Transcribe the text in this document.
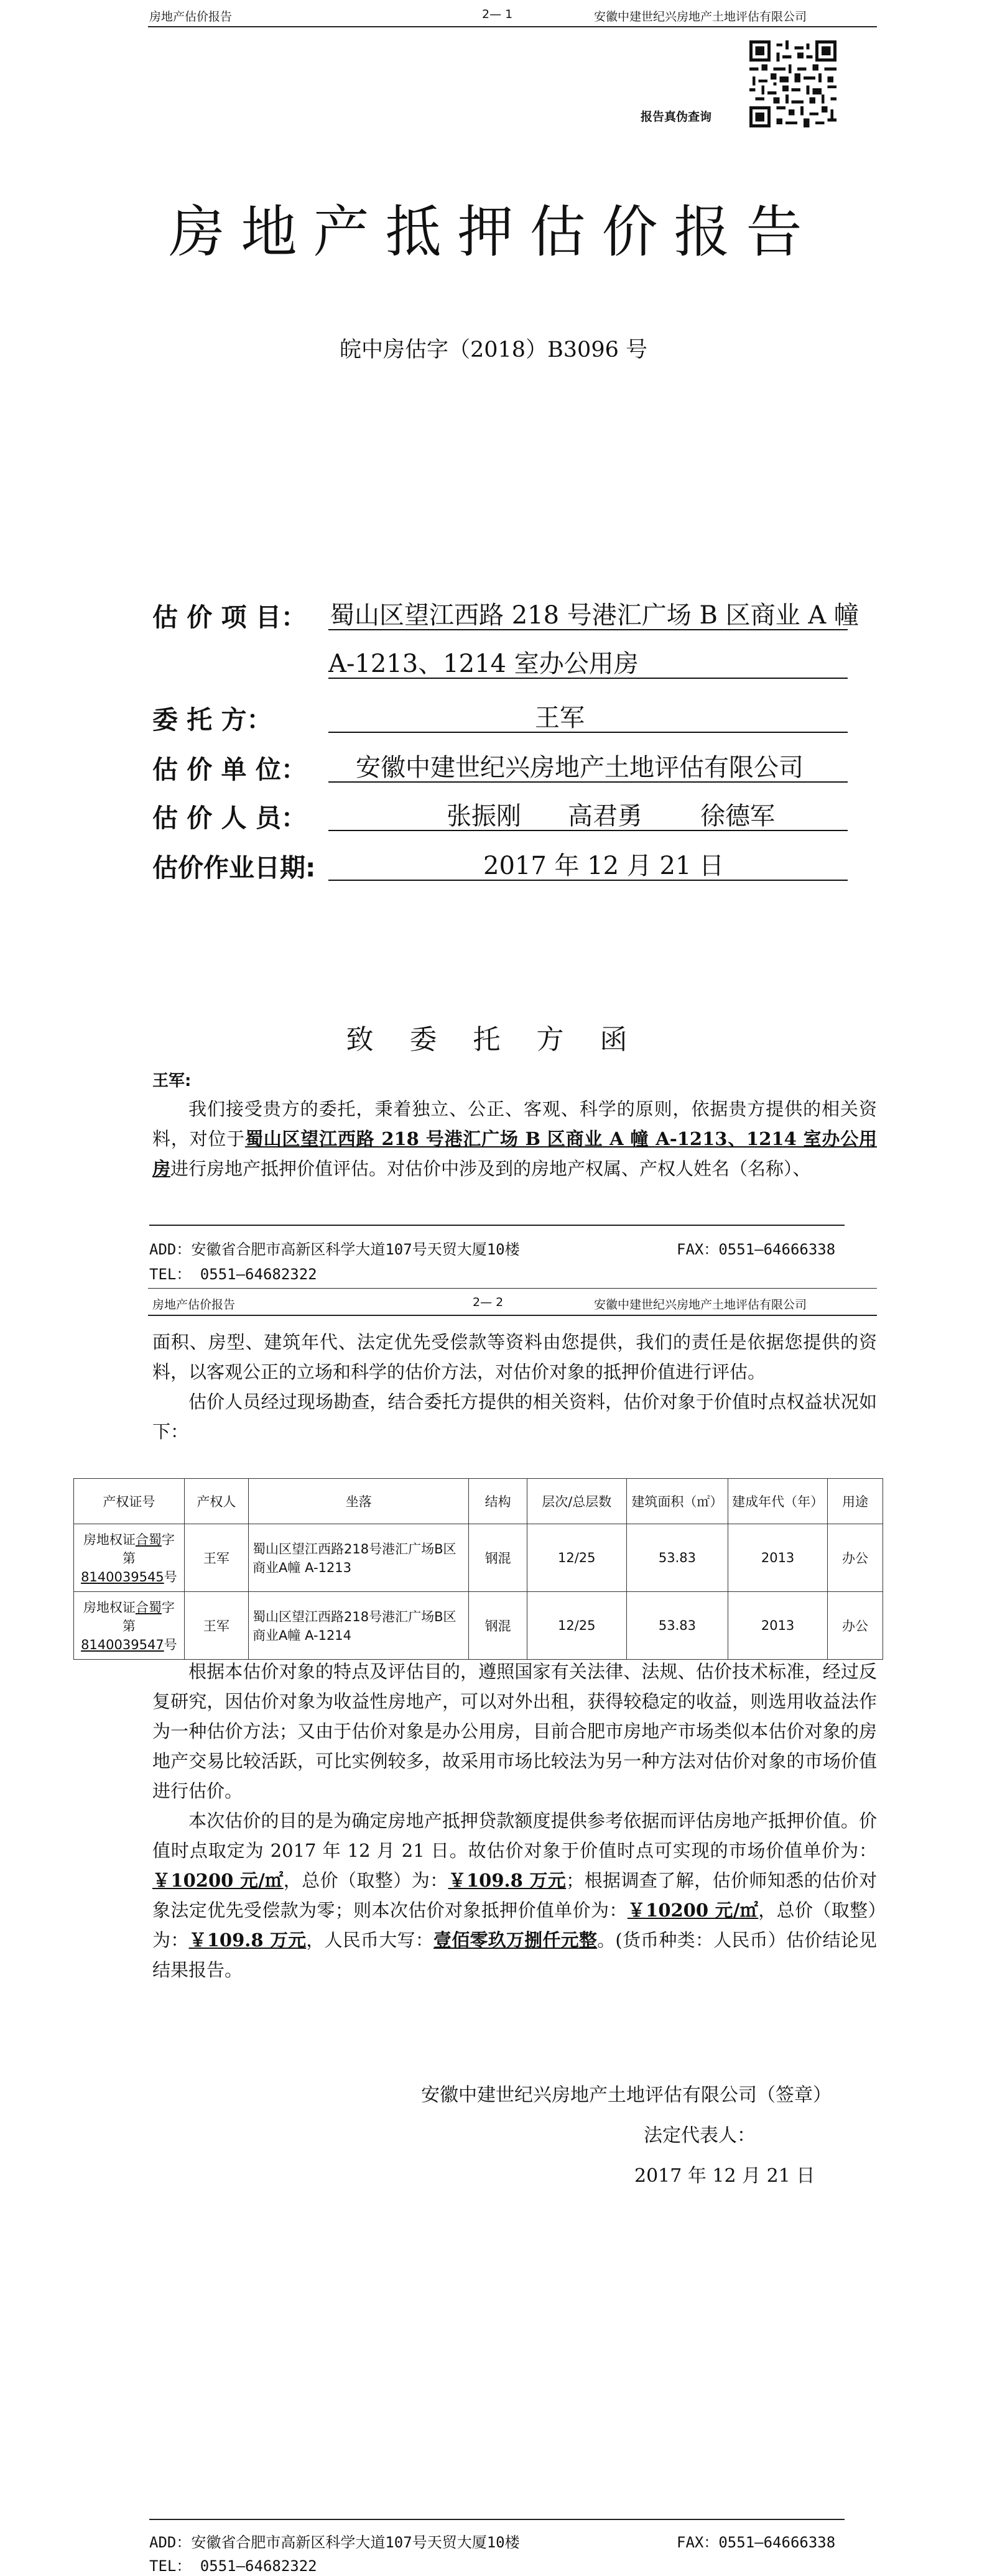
房地产估价报告	2— 1	安徽中建世纪兴房地产土地评估有限公司
报告真伪查询
房地产抵押估价报告
皖中房估字（2018）B3096 号
估 价 项 目： 蜀山区望江西路 218 号港汇广场 B 区商业 A 幢
A-1213、1214 室办公用房
委 托 方：	王军
估 价 单 位： 安徽中建世纪兴房地产土地评估有限公司
估 价 人 员：	张振刚 高君勇 徐德军
估价作业日期:	2017 年 12 月 21 日
致 委 托 方 函
王军:

我们接受贵方的委托，秉着独立、公正、客观、科学的原则，依据贵方提供的相关资料，对位于蜀山区望江西路 218 号港汇广场 B 区商业 A 幢 A-1213、1214 室办公用房进行房地产抵押价值评估。对估价中涉及到的房地产权属、产权人姓名（名称）、

ADD：安徽省合肥市高新区科学大道107号天贸大厦10楼	FAX：0551—64666338
TEL： 0551—64682322
房地产估价报告	2— 2	安徽中建世纪兴房地产土地评估有限公司

面积、房型、建筑年代、法定优先受偿款等资料由您提供，我们的责任是依据您提供的资料，以客观公正的立场和科学的估价方法，对估价对象的抵押价值进行评估。

估价人员经过现场勘查，结合委托方提供的相关资料，估价对象于价值时点权益状况如下：

产权证号	产权人	坐落	结构	层次/总层数	建筑面积（㎡）	建成年代（年）	用途
房地权证合蜀字第
8140039545号	王军	蜀山区望江西路218号港汇广场B区商业A幢 A-1213	钢混	12/25	53.83	2013	办公
房地权证合蜀字第
8140039547号	王军	蜀山区望江西路218号港汇广场B区商业A幢 A-1214	钢混	12/25	53.83	2013	办公

根据本估价对象的特点及评估目的，遵照国家有关法律、法规、估价技术标准，经过反复研究，因估价对象为收益性房地产，可以对外出租，获得较稳定的收益，则选用收益法作为一种估价方法；又由于估价对象是办公用房，目前合肥市房地产市场类似本估价对象的房地产交易比较活跃，可比实例较多，故采用市场比较法为另一种方法对估价对象的市场价值进行估价。

本次估价的目的是为确定房地产抵押贷款额度提供参考依据而评估房地产抵押价值。价值时点取定为 2017 年 12 月 21 日。故估价对象于价值时点可实现的市场价值单价为：￥10200 元/㎡，总价（取整）为：￥109.8 万元；根据调查了解，估价师知悉的估价对象法定优先受偿款为零；则本次估价对象抵押价值单价为：￥10200 元/㎡，总价（取整）为：￥109.8 万元，人民币大写：壹佰零玖万捌仟元整。(货币种类：人民币）估价结论见结果报告。

安徽中建世纪兴房地产土地评估有限公司（签章）
法定代表人：
2017 年 12 月 21 日
ADD：安徽省合肥市高新区科学大道107号天贸大厦10楼	FAX：0551—64666338
TEL： 0551—64682322
